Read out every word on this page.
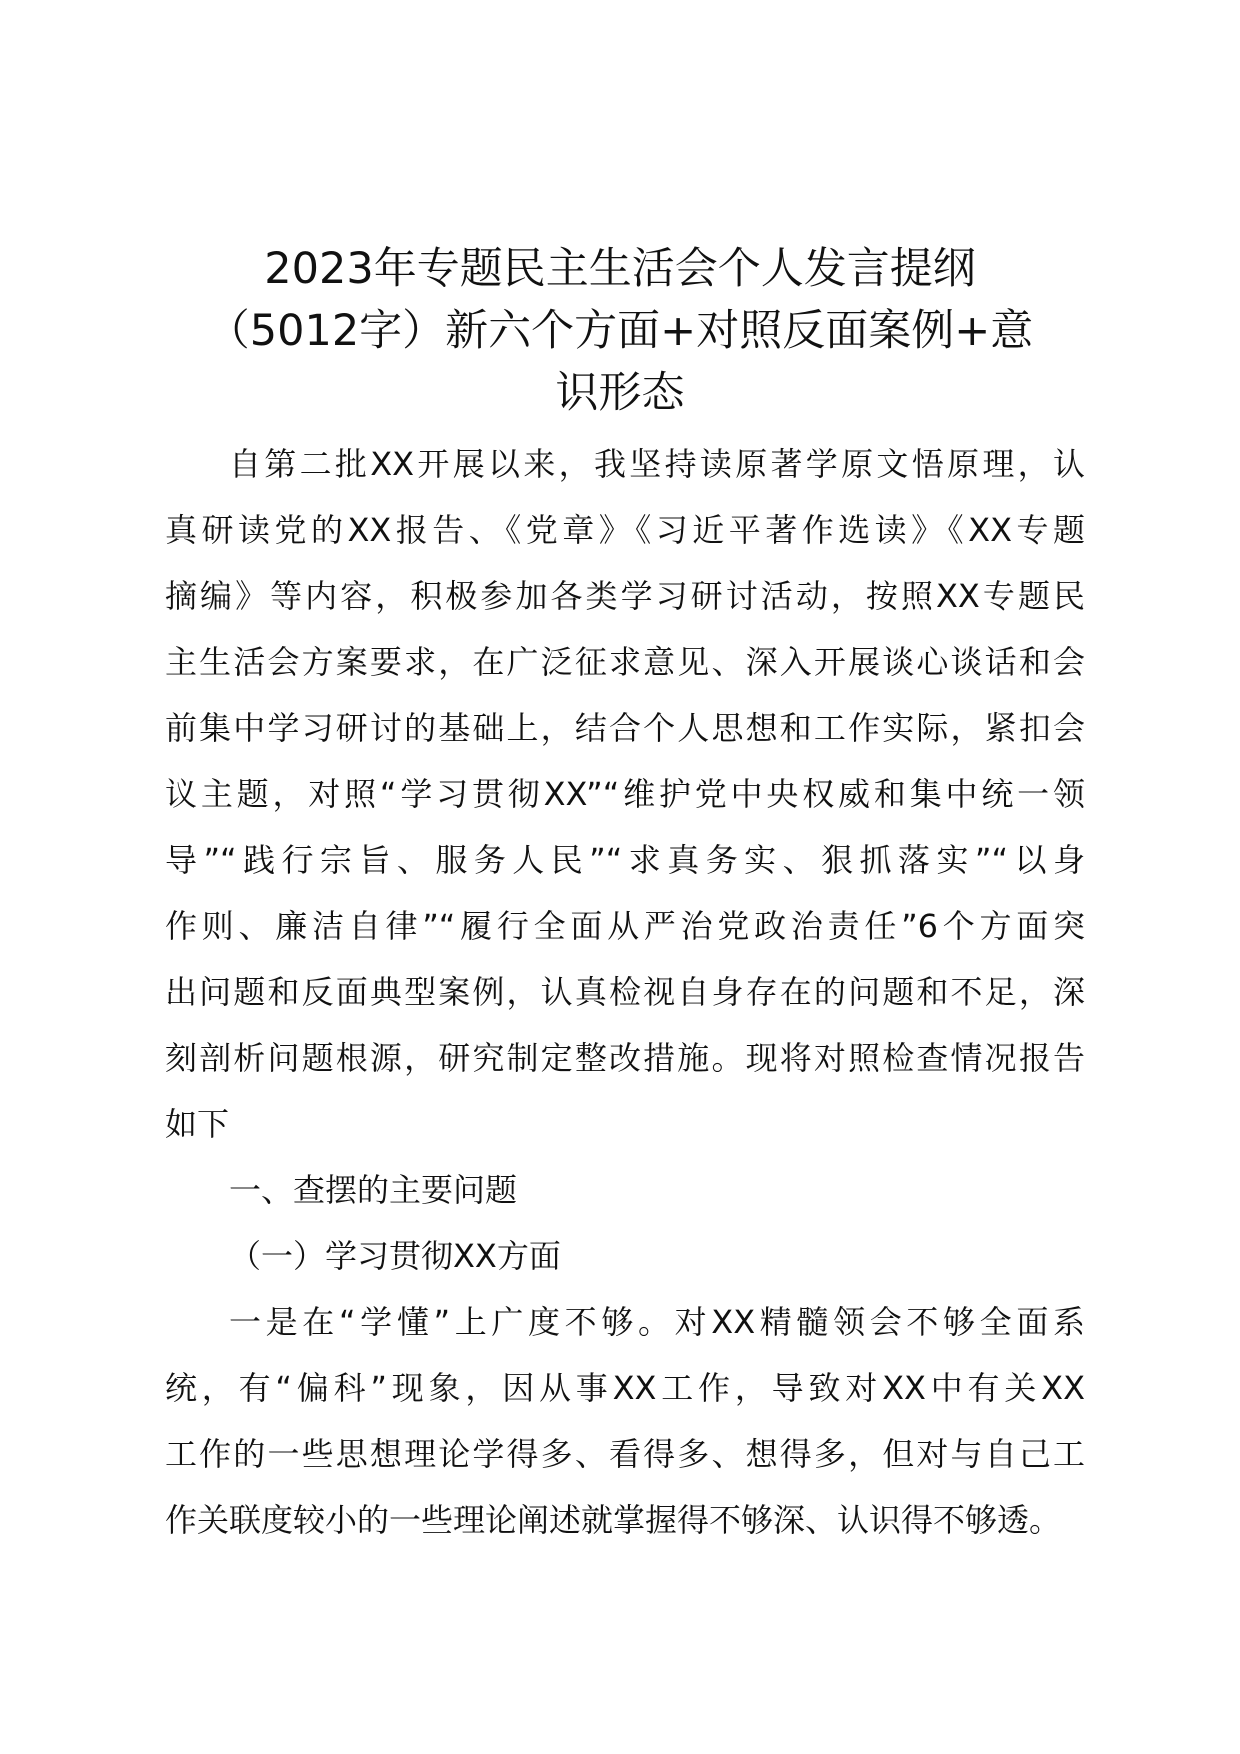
2023年专题民主生活会个人发言提纲
（5012字）新六个方面+对照反面案例+意
识形态
自第二批XX开展以来，我坚持读原著学原文悟原理，认
真研读党的XX报告、《党章》《习近平著作选读》《XX专题
摘编》等内容，积极参加各类学习研讨活动，按照XX专题民
主生活会方案要求，在广泛征求意见、深入开展谈心谈话和会
前集中学习研讨的基础上，结合个人思想和工作实际，紧扣会
议主题，对照“学习贯彻XX”“维护党中央权威和集中统一领
导”“践行宗旨、服务人民”“求真务实、狠抓落实”“以身
作则、廉洁自律”“履行全面从严治党政治责任”6个方面突
出问题和反面典型案例，认真检视自身存在的问题和不足，深
刻剖析问题根源，研究制定整改措施。现将对照检查情况报告
如下
一、查摆的主要问题
（一）学习贯彻XX方面
一是在“学懂”上广度不够。对XX精髓领会不够全面系
统，有“偏科”现象，因从事XX工作，导致对XX中有关XX
工作的一些思想理论学得多、看得多、想得多，但对与自己工
作关联度较小的一些理论阐述就掌握得不够深、认识得不够透。
